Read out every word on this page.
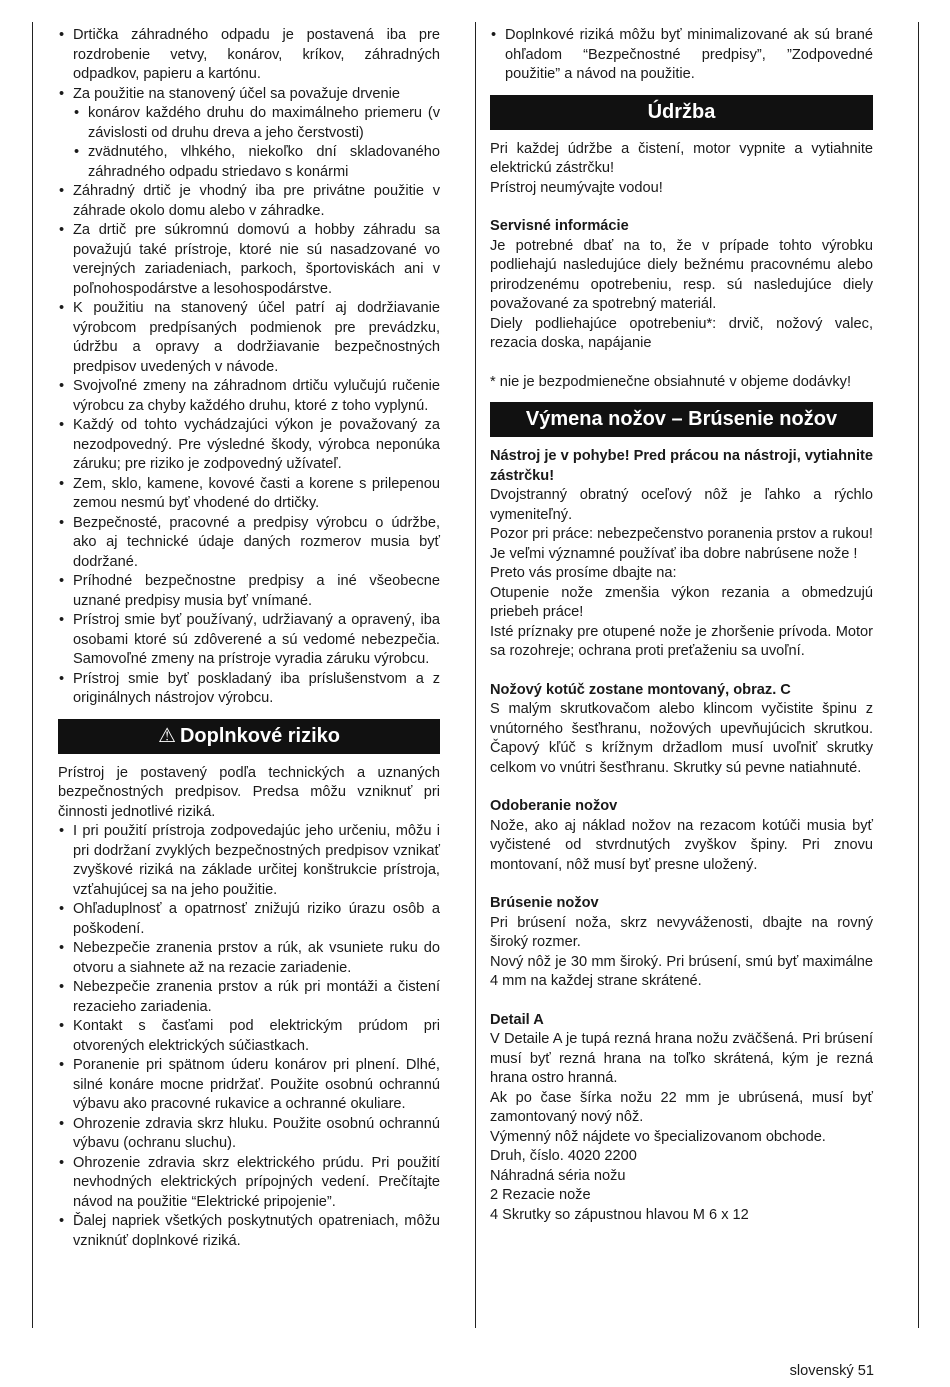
• Drtička záhradného odpadu je postavená iba pre rozdrobenie vetvy, konárov, kríkov, záhradných odpadkov, papieru a kartónu.

• Za použitie na stanovený účel sa považuje drvenie

• konárov každého druhu do maximálneho priemeru (v závislosti od druhu dreva a jeho čerstvosti)

• zvädnutého, vlhkého, niekoľko dní skladovaného záhradného odpadu striedavo s konármi

• Záhradný drtič je vhodný iba pre privátne použitie v záhrade okolo domu alebo v záhradke.

• Za drtič pre súkromnú domovú a hobby záhradu sa považujú také prístroje, ktoré nie sú nasadzované vo verejných zariadeniach, parkoch, športoviskách ani v poľnohospodárstve a lesohospodárstve.

• K použitiu na stanovený účel patrí aj dodržiavanie výrobcom predpísaných podmienok pre prevádzku, údržbu a opravy a dodržiavanie bezpečnostných predpisov uvedených v návode.

• Svojvoľné zmeny na záhradnom drtiču vylučujú ručenie výrobcu za chyby každého druhu, ktoré z toho vyplynú.

• Každý od tohto vychádzajúci výkon je považovaný za nezodpovedný. Pre výsledné škody, výrobca neponúka záruku; pre riziko je zodpovedný užívateľ.

• Zem, sklo, kamene, kovové časti a korene s prilepenou zemou nesmú byť vhodené do drtičky.

• Bezpečnosté, pracovné a predpisy výrobcu o údržbe, ako aj technické údaje daných rozmerov musia byť dodržané.

• Príhodné bezpečnostne predpisy a iné všeobecne uznané predpisy musia byť vnímané.

• Prístroj smie byť používaný, udržiavaný a opravený, iba osobami ktoré sú zdôverené a sú vedomé nebezpečia. Samovoľné zmeny na prístroje vyradia záruku výrobcu.

• Prístroj smie byť poskladaný iba príslušenstvom a z originálnych nástrojov výrobcu.

⚠ Doplnkové riziko

Prístroj je postavený podľa technických a uznaných bezpečnostných predpisov. Predsa môžu vzniknuť pri činnosti jednotlivé riziká.

• I pri použití prístroja zodpovedajúc jeho určeniu, môžu i pri dodržaní zvyklých bezpečnostných predpisov vznikať zvyškové riziká na základe určitej konštrukcie prístroja, vzťahujúcej sa na jeho použitie.

• Ohľaduplnosť a opatrnosť znižujú riziko úrazu osôb a poškodení.

• Nebezpečie zranenia prstov a rúk, ak vsuniete ruku do otvoru a siahnete až na rezacie zariadenie.

• Nebezpečie zranenia prstov a rúk pri montáži a čistení rezacieho zariadenia.

• Kontakt s časťami pod elektrickým prúdom pri otvorených elektrických súčiastkach.

• Poranenie pri spätnom úderu konárov pri plnení. Dlhé, silné konáre mocne pridržať. Použite osobnú ochrannú výbavu ako pracovné rukavice a ochranné okuliare.

• Ohrozenie zdravia skrz hluku. Použite osobnú ochrannú výbavu (ochranu sluchu).

• Ohrozenie zdravia skrz elektrického prúdu. Pri použití nevhodných elektrických prípojných vedení. Prečítajte návod na použitie “Elektrické pripojenie”.

• Ďalej napriek všetkých poskytnutých opatreniach, môžu vzniknúť doplnkové riziká.

• Doplnkové riziká môžu byť minimalizované ak sú brané ohľadom “Bezpečnostné predpisy”, ”Zodpovedné použitie” a návod na použitie.

Údržba

Pri každej údržbe a čistení, motor vypnite a vytiahnite elektrickú zástrčku!

Prístroj neumývajte vodou!

Servisné informácie

Je potrebné dbať na to, že v prípade tohto výrobku podliehajú nasledujúce diely bežnému pracovnému alebo prirodzenému opotrebeniu, resp. sú nasledujúce diely považované za spotrebný materiál.

Diely podliehajúce opotrebeniu*: drvič, nožový valec, rezacia doska, napájanie

* nie je bezpodmienečne obsiahnuté v objeme dodávky!

Výmena nožov – Brúsenie nožov

Nástroj je v pohybe! Pred prácou na nástroji, vytiahnite zástrčku!

Dvojstranný obratný oceľový nôž je ľahko a rýchlo vymeniteľný.

Pozor pri práce: nebezpečenstvo poranenia prstov a rukou!

Je veľmi významné používať iba dobre nabrúsene nože !

Preto vás prosíme dbajte na:

Otupenie nože zmenšia výkon rezania a obmedzujú priebeh práce!

Isté príznaky pre otupené nože je zhoršenie prívoda. Motor sa rozohreje; ochrana proti preťaženiu sa uvoľní.

Nožový kotúč zostane montovaný, obraz. C

S malým skrutkovačom alebo klincom vyčistite špinu z vnútorného šesťhranu, nožových upevňujúcich skrutkou. Čapový kľúč s krížnym držadlom musí uvoľniť skrutky celkom vo vnútri šesťhranu. Skrutky sú pevne natiahnuté.

Odoberanie nožov

Nože, ako aj náklad nožov na rezacom kotúči musia byť vyčistené od stvrdnutých zvyškov špiny. Pri znovu montovaní, nôž musí byť presne uložený.

Brúsenie nožov

Pri brúsení noža, skrz nevyváženosti, dbajte na rovný široký rozmer.

Nový nôž je 30 mm široký. Pri brúsení, smú byť maximálne 4 mm na každej strane skrátené.

Detail A

V Detaile A je tupá rezná hrana nožu zväčšená. Pri brúsení musí byť rezná hrana na toľko skrátená, kým je rezná hrana ostro hranná.

Ak po čase šírka nožu 22 mm je ubrúsená, musí byť zamontovaný nový nôž.

Výmenný nôž nájdete vo špecializovanom obchode.

Druh, číslo. 4020 2200

Náhradná séria nožu

2 Rezacie nože

4 Skrutky so zápustnou hlavou M 6 x 12

slovenský 51
